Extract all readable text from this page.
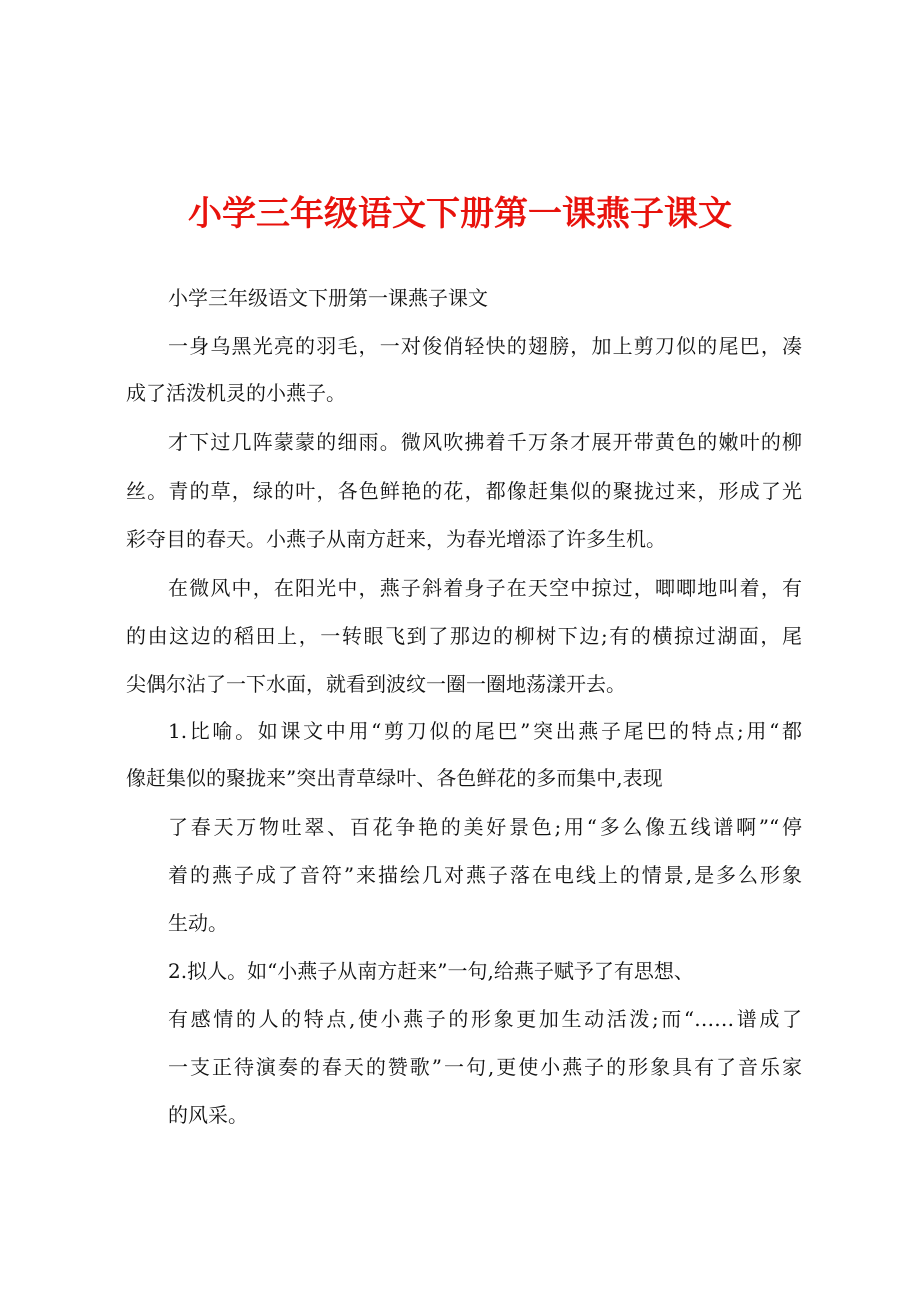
小学三年级语文下册第一课燕子课文

小学三年级语文下册第一课燕子课文

一身乌黑光亮的羽毛，一对俊俏轻快的翅膀，加上剪刀似的尾巴，凑

成了活泼机灵的小燕子。

才下过几阵蒙蒙的细雨。微风吹拂着千万条才展开带黄色的嫩叶的柳

丝。青的草，绿的叶，各色鲜艳的花，都像赶集似的聚拢过来，形成了光

彩夺目的春天。小燕子从南方赶来，为春光增添了许多生机。

在微风中，在阳光中，燕子斜着身子在天空中掠过，唧唧地叫着，有

的由这边的稻田上，一转眼飞到了那边的柳树下边;有的横掠过湖面，尾

尖偶尔沾了一下水面，就看到波纹一圈一圈地荡漾开去。

1.比喻。如课文中用“剪刀似的尾巴”突出燕子尾巴的特点;用“都

像赶集似的聚拢来”突出青草绿叶、各色鲜花的多而集中,表现

了春天万物吐翠、百花争艳的美好景色;用“多么像五线谱啊”“停

着的燕子成了音符”来描绘几对燕子落在电线上的情景,是多么形象

生动。

2.拟人。如“小燕子从南方赶来”一句,给燕子赋予了有思想、

有感情的人的特点,使小燕子的形象更加生动活泼;而“……谱成了

一支正待演奏的春天的赞歌”一句,更使小燕子的形象具有了音乐家

的风采。
